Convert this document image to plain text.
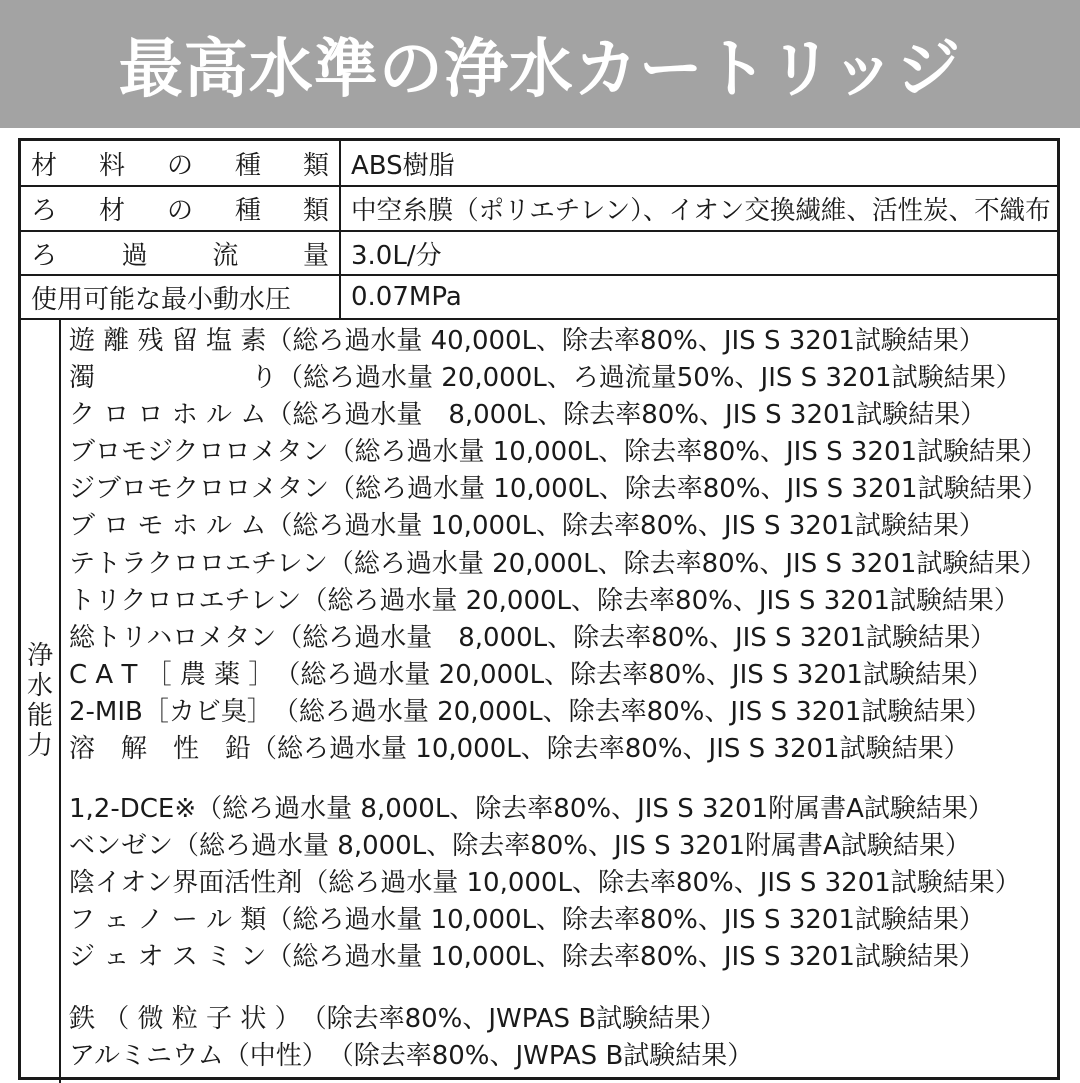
最高水準の浄水カートリッジ
材 料 の 種 類 ABS樹脂
ろ 材 の 種 類 中空糸膜（ポリエチレン）、イオン交換繊維、活性炭、不織布
ろ 過 流 量 3.0L/分
使用可能な最小動水圧 0.07MPa
浄
水
能
力
遊 離 残 留 塩 素（総ろ過水量 40,000L、除去率80%、JIS S 3201試験結果）
濁　　　　　　り（総ろ過水量 20,000L、ろ過流量50%、JIS S 3201試験結果）
ク ロ ロ ホ ル ム（総ろ過水量　8,000L、除去率80%、JIS S 3201試験結果）
ブロモジクロロメタン（総ろ過水量 10,000L、除去率80%、JIS S 3201試験結果）
ジブロモクロロメタン（総ろ過水量 10,000L、除去率80%、JIS S 3201試験結果）
ブ ロ モ ホ ル ム（総ろ過水量 10,000L、除去率80%、JIS S 3201試験結果）
テトラクロロエチレン（総ろ過水量 20,000L、除去率80%、JIS S 3201試験結果）
トリクロロエチレン（総ろ過水量 20,000L、除去率80%、JIS S 3201試験結果）
総トリハロメタン（総ろ過水量　8,000L、除去率80%、JIS S 3201試験結果）
C A T ［ 農 薬 ］（総ろ過水量 20,000L、除去率80%、JIS S 3201試験結果）
2-MIB［カビ臭］（総ろ過水量 20,000L、除去率80%、JIS S 3201試験結果）
溶　解　性　鉛（総ろ過水量 10,000L、除去率80%、JIS S 3201試験結果）
1,2-DCE※（総ろ過水量 8,000L、除去率80%、JIS S 3201附属書A試験結果）
ベンゼン（総ろ過水量 8,000L、除去率80%、JIS S 3201附属書A試験結果）
陰イオン界面活性剤（総ろ過水量 10,000L、除去率80%、JIS S 3201試験結果）
フ ェ ノ ー ル 類（総ろ過水量 10,000L、除去率80%、JIS S 3201試験結果）
ジ ェ オ ス ミ ン（総ろ過水量 10,000L、除去率80%、JIS S 3201試験結果）
鉄 （ 微 粒 子 状 ）（除去率80%、JWPAS B試験結果）
アルミニウム（中性）（除去率80%、JWPAS B試験結果）
